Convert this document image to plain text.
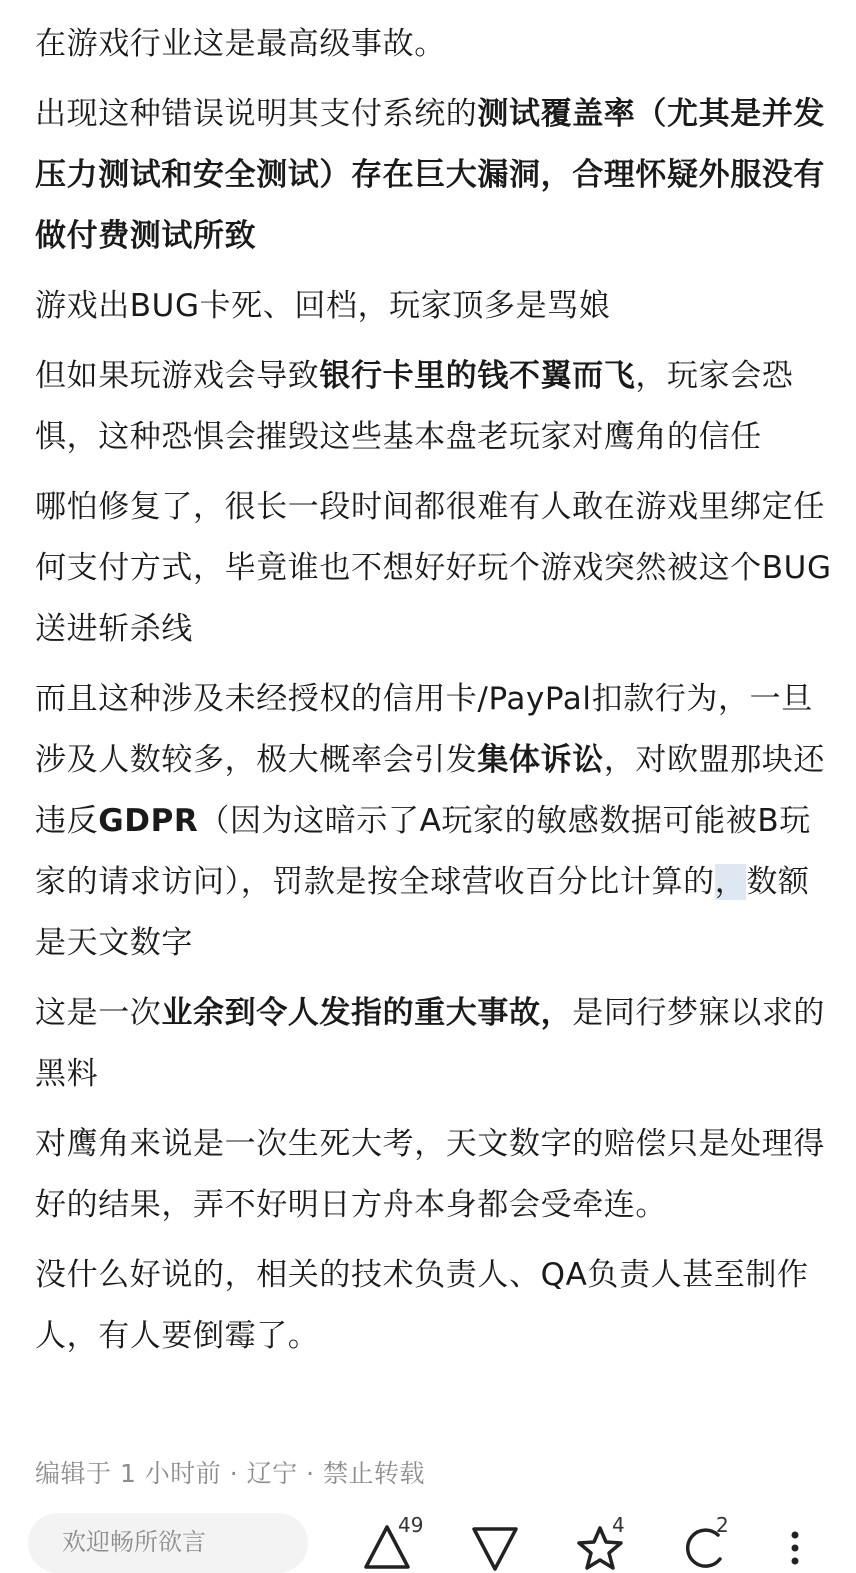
在游戏行业这是最高级事故。

出现这种错误说明其支付系统的测试覆盖率（尤其是并发压力测试和安全测试）存在巨大漏洞，合理怀疑外服没有做付费测试所致

游戏出BUG卡死、回档，玩家顶多是骂娘

但如果玩游戏会导致银行卡里的钱不翼而飞，玩家会恐惧，这种恐惧会摧毁这些基本盘老玩家对鹰角的信任

哪怕修复了，很长一段时间都很难有人敢在游戏里绑定任何支付方式，毕竟谁也不想好好玩个游戏突然被这个BUG送进斩杀线

而且这种涉及未经授权的信用卡/PayPal扣款行为，一旦涉及人数较多，极大概率会引发集体诉讼，对欧盟那块还违反GDPR（因为这暗示了A玩家的敏感数据可能被B玩家的请求访问），罚款是按全球营收百分比计算的，数额是天文数字

这是一次业余到令人发指的重大事故，是同行梦寐以求的黑料

对鹰角来说是一次生死大考，天文数字的赔偿只是处理得好的结果，弄不好明日方舟本身都会受牵连。

没什么好说的，相关的技术负责人、QA负责人甚至制作人，有人要倒霉了。

编辑于 1 小时前 · 辽宁 · 禁止转载
欢迎畅所欲言
49	4	2
